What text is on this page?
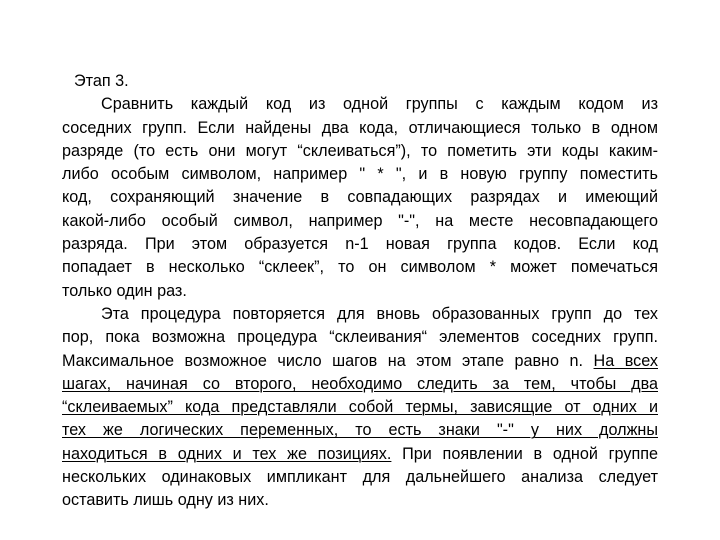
Этап 3.
Сравнить каждый код из одной группы с каждым кодом из
соседних групп. Если найдены два кода, отличающиеся только в одном
разряде (то есть они могут “склеиваться”), то пометить эти коды каким-
либо особым символом, например " * ", и в новую группу поместить
код, сохраняющий значение в совпадающих разрядах и имеющий
какой-либо особый символ, например "-", на месте несовпадающего
разряда. При этом образуется n-1 новая группа кодов. Если код
попадает в несколько “склеек”, то он символом * может помечаться
только один раз.
Эта процедура повторяется для вновь образованных групп до тех
пор, пока возможна процедура “склеивания“ элементов соседних групп.
Максимальное возможное число шагов на этом этапе равно n. На всех
шагах, начиная со второго, необходимо следить за тем, чтобы два
“склеиваемых” кода представляли собой термы, зависящие от одних и
тех же логических переменных, то есть знаки "-" у них должны
находиться в одних и тех же позициях. При появлении в одной группе
нескольких одинаковых импликант для дальнейшего анализа следует
оставить лишь одну из них.
